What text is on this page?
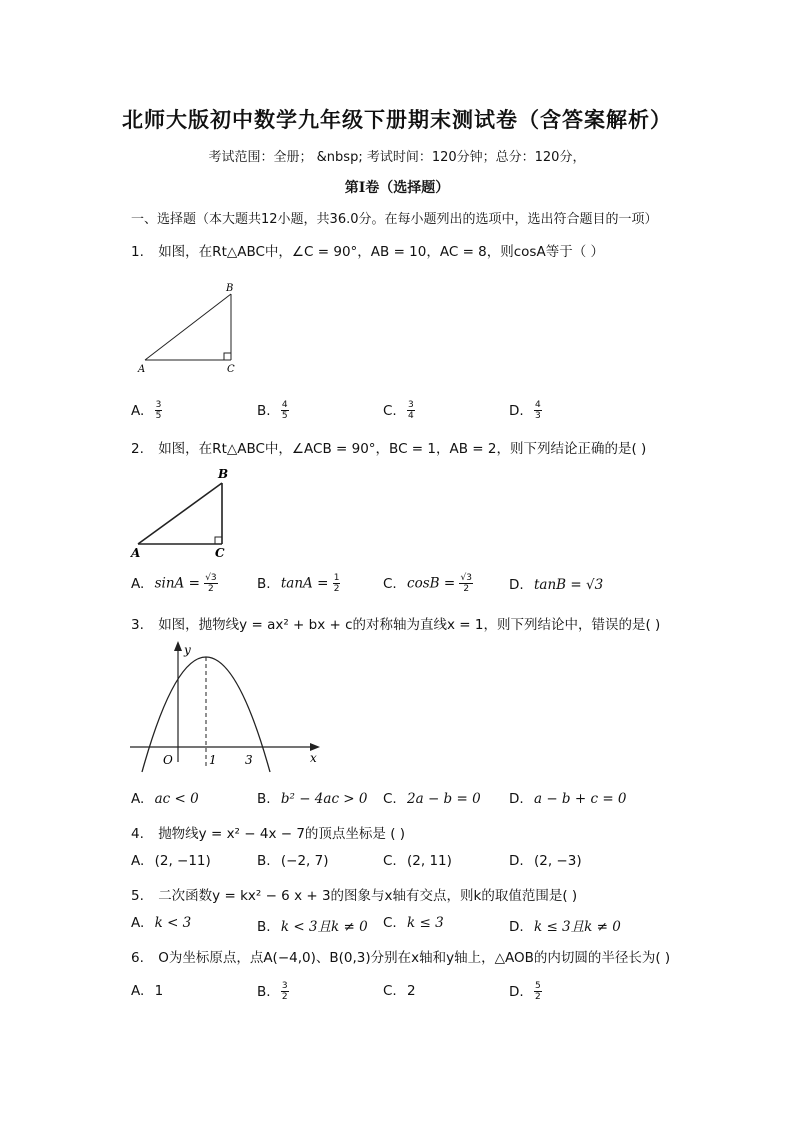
北师大版初中数学九年级下册期末测试卷（含答案解析）
考试范围：全册； &nbsp; 考试时间：120分钟；总分：120分，
第Ⅰ卷（选择题）
一、选择题（本大题共12小题，共36.0分。在每小题列出的选项中，选出符合题目的一项）
1. 如图，在Rt△ABC中，∠C = 90°，AB = 10，AC = 8，则cosA等于（ ）
A
B
C
A. $\frac{3}{5}$	B. $\frac{4}{5}$	C. $\frac{3}{4}$	D. $\frac{4}{3}$
2. 如图，在Rt△ABC中，∠ACB = 90°，BC = 1，AB = 2，则下列结论正确的是( )
A
B
C
A. $\sin A = \frac{√3}{2}$	B. $\tan A = \frac{1}{2}$	C. $\cos B = \frac{√3}{2}$	D. tanB = √3
3. 如图，抛物线y = ax² + bx + c的对称轴为直线x = 1，则下列结论中，错误的是( )
y
x
O	1 3
A. ac < 0	B. b² − 4ac > 0 C. 2a − b = 0 D. a − b + c = 0
4. 抛物线y = x² − 4x − 7的顶点坐标是 ( )
A. (2, −11)	B. (−2, 7)	C. (2, 11)	D. (2, −3)
5. 二次函数y = kx² − 6 x + 3的图象与x轴有交点，则k的取值范围是( )
A. k < 3	B. k < 3且k ≠ 0 C. k ≤ 3	D. k ≤ 3且k ≠ 0
6. O为坐标原点，点A(−4,0)、B(0,3)分别在x轴和y轴上，△AOB的内切圆的半径长为( )
A. 1	B. $\frac{3}{2}$	C. 2	D. $\frac{5}{2}$
